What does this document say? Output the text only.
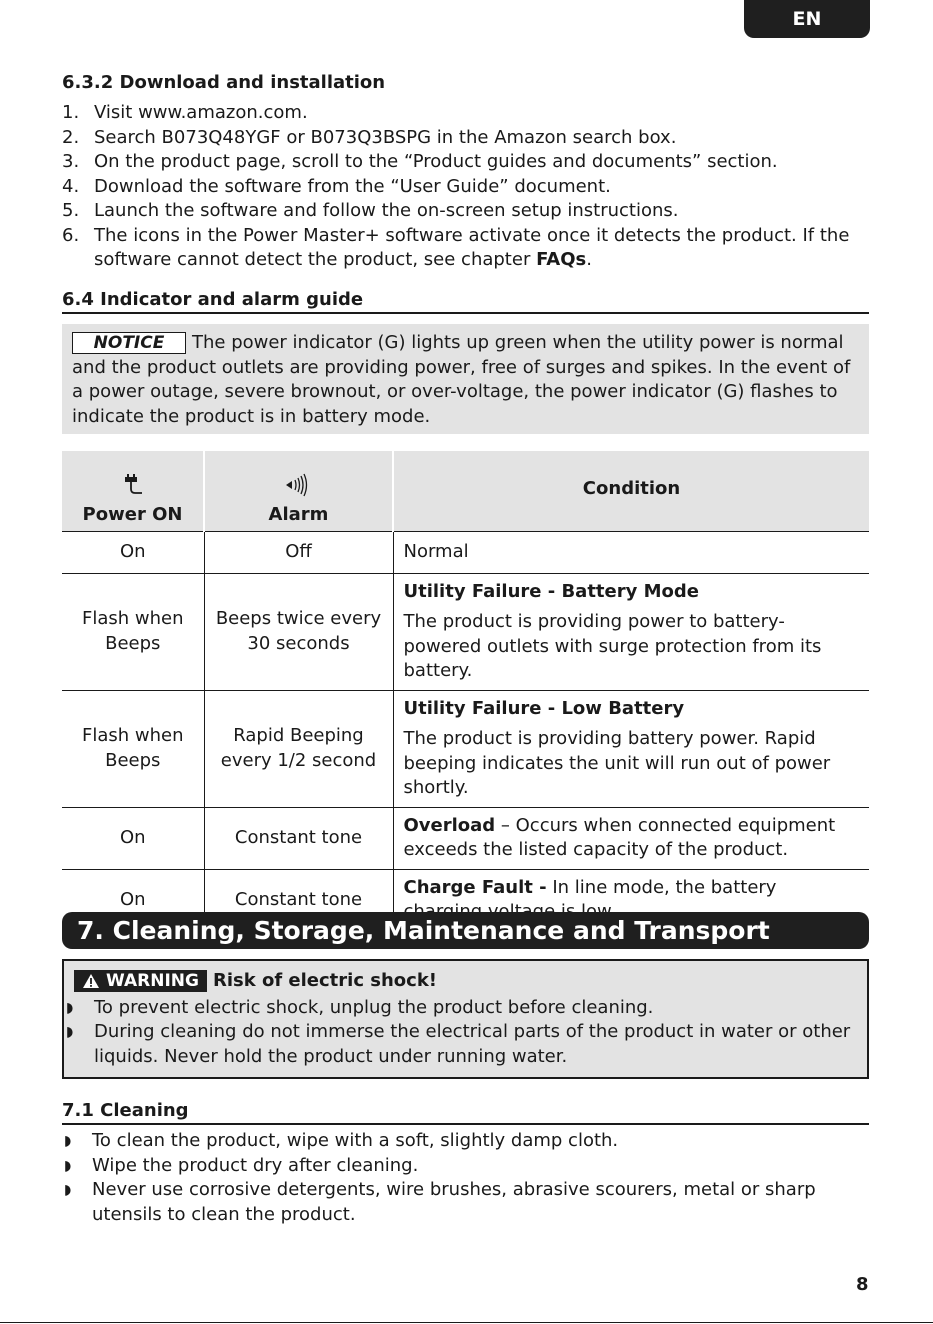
EN
6.3.2 Download and installation
1. Visit www.amazon.com.
2. Search B073Q48YGF or B073Q3BSPG in the Amazon search box.
3. On the product page, scroll to the “Product guides and documents” section.
4. Download the software from the “User Guide” document.
5. Launch the software and follow the on-screen setup instructions.
6. The icons in the Power Master+ software activate once it detects the product. If the software cannot detect the product, see chapter FAQs.
6.4 Indicator and alarm guide
NOTICE The power indicator (G) lights up green when the utility power is normal and the product outlets are providing power, free of surges and spikes. In the event of a power outage, severe brownout, or over-voltage, the power indicator (G) flashes to indicate the product is in battery mode.
Power ON	Alarm	Condition
On	Off	Normal
Flash when Beeps	Beeps twice every 30 seconds	Utility Failure - Battery Mode
The product is providing power to battery-powered outlets with surge protection from its battery.
Flash when Beeps	Rapid Beeping every 1/2 second	Utility Failure - Low Battery
The product is providing battery power. Rapid beeping indicates the unit will run out of power shortly.
On	Constant tone	Overload – Occurs when connected equipment exceeds the listed capacity of the product.
On	Constant tone	Charge Fault - In line mode, the battery
7. Cleaning, Storage, Maintenance and Transport
WARNING Risk of electric shock!
◗ To prevent electric shock, unplug the product before cleaning.
◗ During cleaning do not immerse the electrical parts of the product in water or other liquids. Never hold the product under running water.
7.1 Cleaning
◗ To clean the product, wipe with a soft, slightly damp cloth.
◗ Wipe the product dry after cleaning.
◗ Never use corrosive detergents, wire brushes, abrasive scourers, metal or sharp utensils to clean the product.
8
